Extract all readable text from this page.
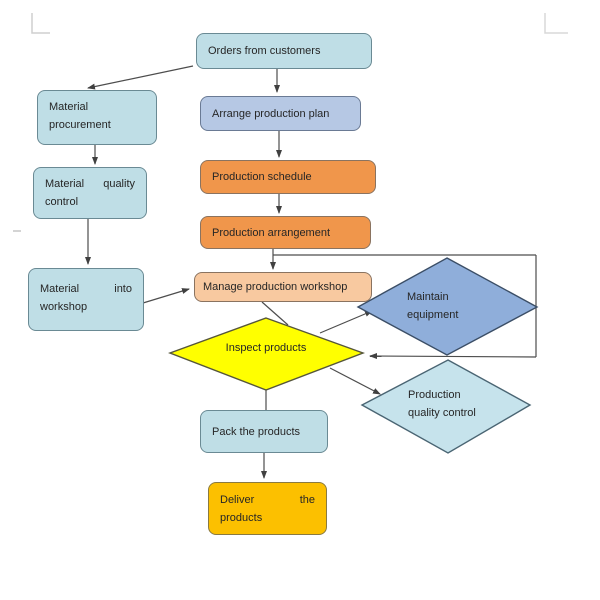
Orders from customers
Material
procurement
Arrange production plan
Production schedule
Material quality
control
Production arrangement
Material	into
workshop
Manage production workshop
Pack the products
Deliver	the
products
Maintain
equipment
Inspect products
Production
quality control
